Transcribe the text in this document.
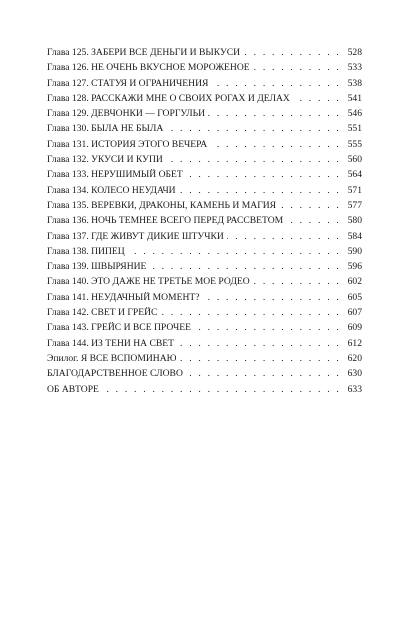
Глава 125. ЗАБЕРИ ВСЕ ДЕНЬГИ И ВЫКУСИ . . .	528
Глава 126. НЕ ОЧЕНЬ ВКУСНОЕ МОРОЖЕНОЕ . . .	533
Глава 127. СТАТУЯ И ОГРАНИЧЕНИЯ . . .	538
Глава 128. РАССКАЖИ МНЕ О СВОИХ РОГАХ И ДЕЛАХ . . .	541
Глава 129. ДЕВЧОНКИ — ГОРГУЛЬИ . . .	546
Глава 130. БЫЛА НЕ БЫЛА . . .	551
Глава 131. ИСТОРИЯ ЭТОГО ВЕЧЕРА . . .	555
Глава 132. УКУСИ И КУПИ . . .	560
Глава 133. НЕРУШИМЫЙ ОБЕТ . . .	564
Глава 134. КОЛЕСО НЕУДАЧИ . . .	571
Глава 135. ВЕРЕВКИ, ДРАКОНЫ, КАМЕНЬ И МАГИЯ . . .	577
Глава 136. НОЧЬ ТЕМНЕЕ ВСЕГО ПЕРЕД РАССВЕТОМ . . .	580
Глава 137. ГДЕ ЖИВУТ ДИКИЕ ШТУЧКИ . . .	584
Глава 138. ПИПЕЦ . . .	590
Глава 139. ШВЫРЯНИЕ . . .	596
Глава 140. ЭТО ДАЖЕ НЕ ТРЕТЬЕ МОЕ РОДЕО . . .	602
Глава 141. НЕУДАЧНЫЙ МОМЕНТ? . . .	605
Глава 142. СВЕТ И ГРЕЙС . . .	607
Глава 143. ГРЕЙС И ВСЕ ПРОЧЕЕ . . .	609
Глава 144. ИЗ ТЕНИ НА СВЕТ . . .	612
Эпилог. Я ВСЕ ВСПОМИНАЮ . . .	620
БЛАГОДАРСТВЕННОЕ СЛОВО . . .	630
ОБ АВТОРЕ . . .	633
